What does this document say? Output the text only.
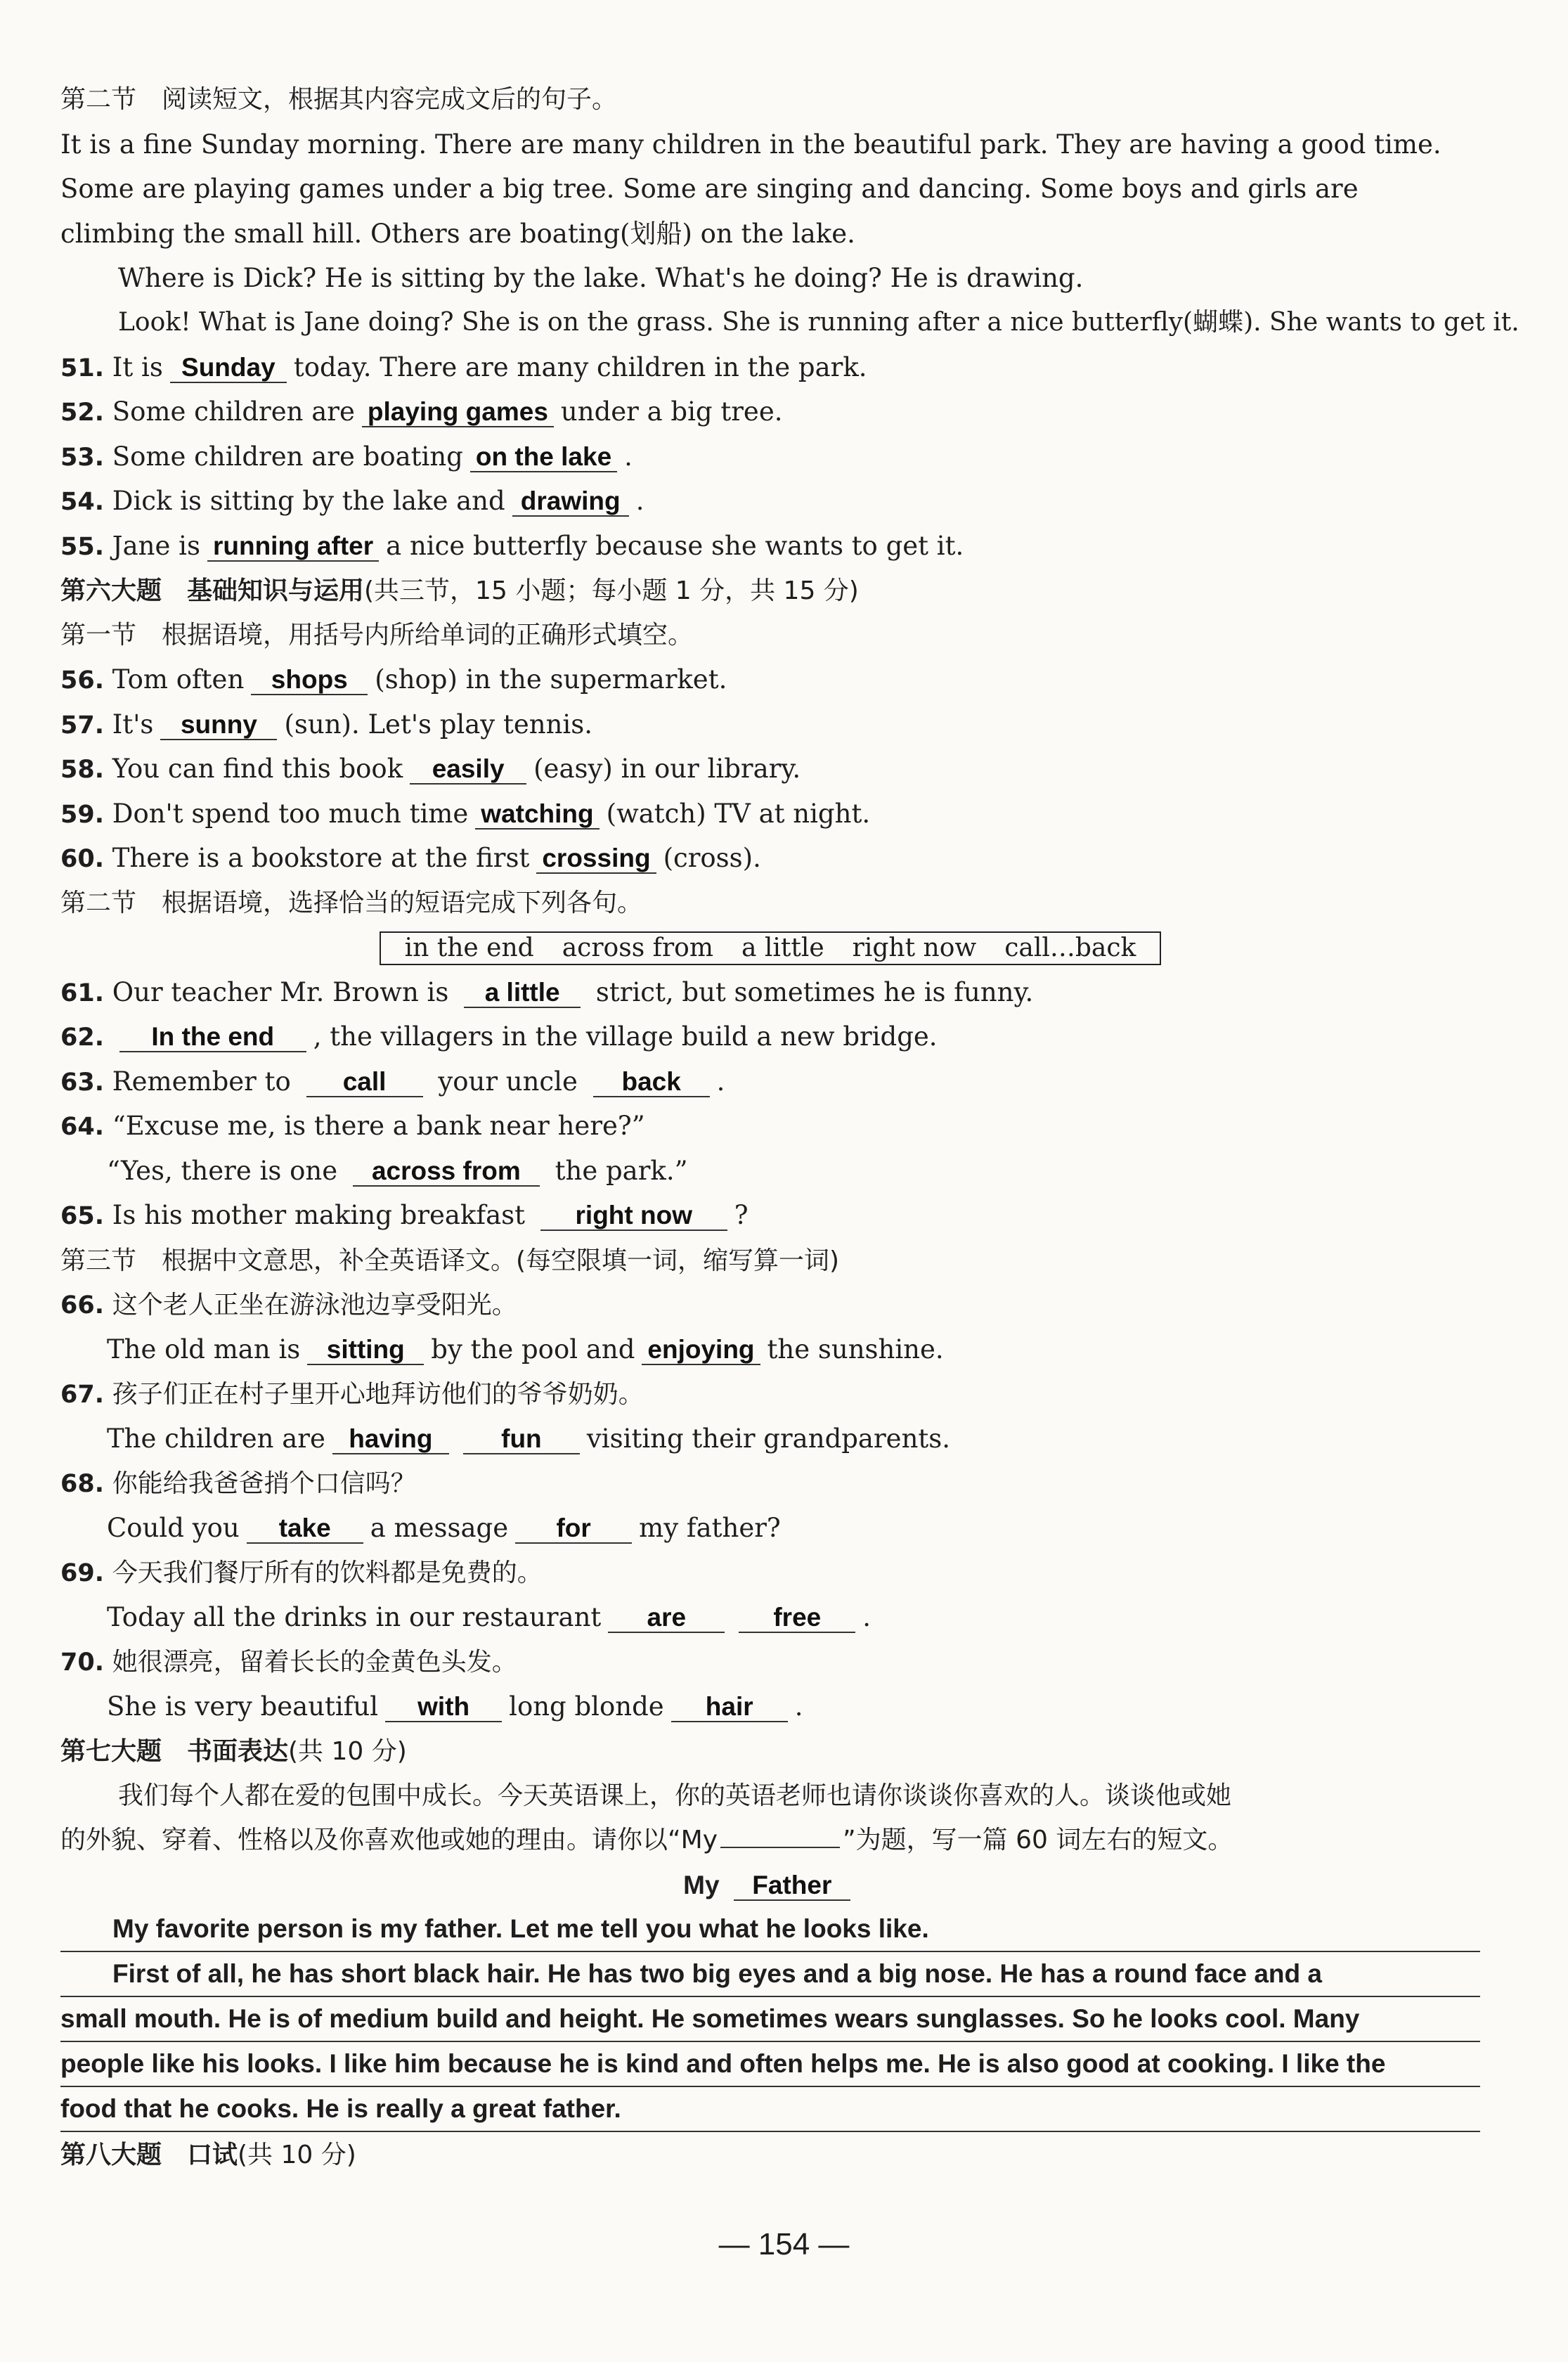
第二节　阅读短文，根据其内容完成文后的句子。
It is a fine Sunday morning. There are many children in the beautiful park. They are having a good time. Some are playing games under a big tree. Some are singing and dancing. Some boys and girls are climbing the small hill. Others are boating(划船) on the lake.
Where is Dick? He is sitting by the lake. What's he doing? He is drawing.
Look! What is Jane doing? She is on the grass. She is running after a nice butterfly(蝴蝶). She wants to get it.
51. It is Sunday today. There are many children in the park.
52. Some children are playing games under a big tree.
53. Some children are boating on the lake .
54. Dick is sitting by the lake and drawing .
55. Jane is running after a nice butterfly because she wants to get it.
第六大题　基础知识与运用(共三节，15 小题；每小题 1 分，共 15 分)
第一节　根据语境，用括号内所给单词的正确形式填空。
56. Tom often shops (shop) in the supermarket.
57. It's sunny (sun). Let's play tennis.
58. You can find this book easily (easy) in our library.
59. Don't spend too much time watching (watch) TV at night.
60. There is a bookstore at the first crossing (cross).
第二节　根据语境，选择恰当的短语完成下列各句。
in the end across from a little right now call…back
61. Our teacher Mr. Brown is a little strict, but sometimes he is funny.
62. In the end , the villagers in the village build a new bridge.
63. Remember to call your uncle back .
64. “Excuse me, is there a bank near here?”
“Yes, there is one across from the park.”
65. Is his mother making breakfast right now ?
第三节　根据中文意思，补全英语译文。(每空限填一词，缩写算一词)
66. 这个老人正坐在游泳池边享受阳光。
The old man is sitting by the pool and enjoying the sunshine.
67. 孩子们正在村子里开心地拜访他们的爷爷奶奶。
The children are having	fun visiting their grandparents.
68. 你能给我爸爸捎个口信吗？
Could you take a message for my father?
69. 今天我们餐厅所有的饮料都是免费的。
Today all the drinks in our restaurant are	free .
70. 她很漂亮，留着长长的金黄色头发。
She is very beautiful with long blonde hair .
第七大题　书面表达(共 10 分)
我们每个人都在爱的包围中成长。今天英语课上，你的英语老师也请你谈谈你喜欢的人。谈谈他或她
的外貌、穿着、性格以及你喜欢他或她的理由。请你以“My	”为题，写一篇 60 词左右的短文。
My Father
　　My favorite person is my father. Let me tell you what he looks like.
　　First of all, he has short black hair. He has two big eyes and a big nose. He has a round face and a
small mouth. He is of medium build and height. He sometimes wears sunglasses. So he looks cool. Many
people like his looks. I like him because he is kind and often helps me. He is also good at cooking. I like the
food that he cooks. He is really a great father.
第八大题　口试(共 10 分)
— 154 —
